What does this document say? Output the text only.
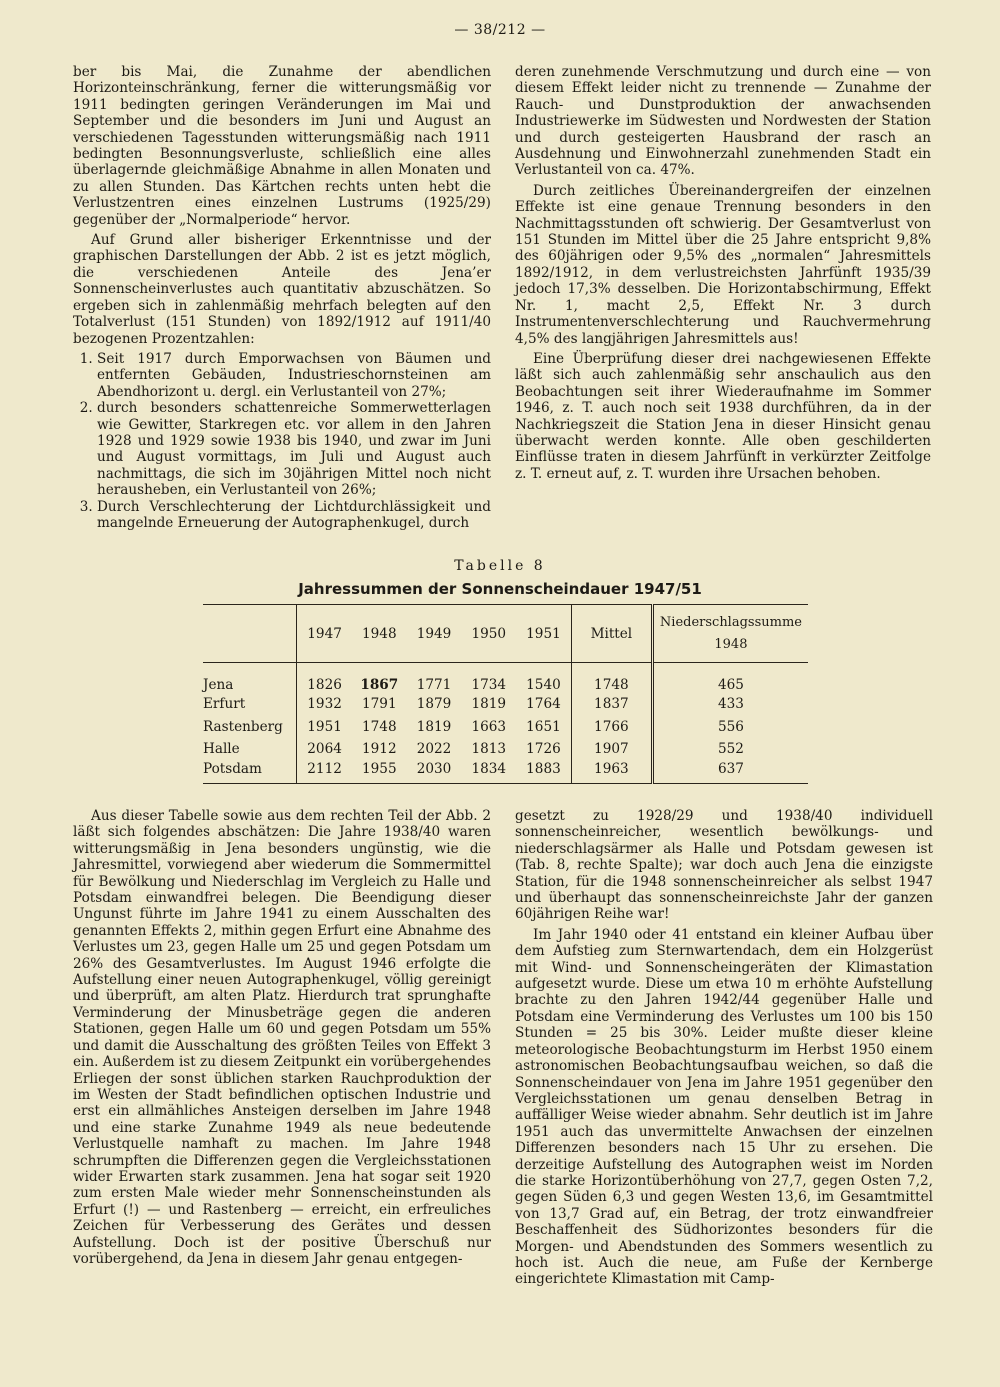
— 38/212 —

ber bis Mai, die Zunahme der abendlichen Horizonteinschränkung, ferner die witterungsmäßig vor 1911 bedingten geringen Veränderungen im Mai und September und die besonders im Juni und August an verschiedenen Tagesstunden witterungsmäßig nach 1911 bedingten Besonnungsverluste, schließlich eine alles überlagernde gleichmäßige Abnahme in allen Monaten und zu allen Stunden. Das Kärtchen rechts unten hebt die Verlustzentren eines einzelnen Lustrums (1925/29) gegenüber der „Normalperiode“ hervor.

Auf Grund aller bisheriger Erkenntnisse und der graphischen Darstellungen der Abb. 2 ist es jetzt möglich, die verschiedenen Anteile des Jena’er Sonnenscheinverlustes auch quantitativ abzuschätzen. So ergeben sich in zahlenmäßig mehrfach belegten auf den Totalverlust (151 Stunden) von 1892/1912 auf 1911/40 bezogenen Prozentzahlen:

1. Seit 1917 durch Emporwachsen von Bäumen und entfernten Gebäuden, Industrieschornsteinen am Abendhorizont u. dergl. ein Verlustanteil von 27%;
2. durch besonders schattenreiche Sommerwetterlagen wie Gewitter, Starkregen etc. vor allem in den Jahren 1928 und 1929 sowie 1938 bis 1940, und zwar im Juni und August vormittags, im Juli und August auch nachmittags, die sich im 30jährigen Mittel noch nicht herausheben, ein Verlustanteil von 26%;
3. Durch Verschlechterung der Lichtdurchlässigkeit und mangelnde Erneuerung der Autographenkugel, durch

deren zunehmende Verschmutzung und durch eine — von diesem Effekt leider nicht zu trennende — Zunahme der Rauch- und Dunstproduktion der anwachsenden Industriewerke im Südwesten und Nordwesten der Station und durch gesteigerten Hausbrand der rasch an Ausdehnung und Einwohnerzahl zunehmenden Stadt ein Verlustanteil von ca. 47%.

Durch zeitliches Übereinandergreifen der einzelnen Effekte ist eine genaue Trennung besonders in den Nachmittagsstunden oft schwierig. Der Gesamtverlust von 151 Stunden im Mittel über die 25 Jahre entspricht 9,8% des 60jährigen oder 9,5% des „normalen“ Jahresmittels 1892/1912, in dem verlustreichsten Jahrfünft 1935/39 jedoch 17,3% desselben. Die Horizontabschirmung, Effekt Nr. 1, macht 2,5, Effekt Nr. 3 durch Instrumentenverschlechterung und Rauchvermehrung 4,5% des langjährigen Jahresmittels aus!

Eine Überprüfung dieser drei nachgewiesenen Effekte läßt sich auch zahlenmäßig sehr anschaulich aus den Beobachtungen seit ihrer Wiederaufnahme im Sommer 1946, z. T. auch noch seit 1938 durchführen, da in der Nachkriegszeit die Station Jena in dieser Hinsicht genau überwacht werden konnte. Alle oben geschilderten Einflüsse traten in diesem Jahrfünft in verkürzter Zeitfolge z. T. erneut auf, z. T. wurden ihre Ursachen behoben.

Tabelle 8
Jahressummen der Sonnenscheindauer 1947/51
	1947	1948	1949	1950	1951	Mittel	Niederschlagssumme
1948
Jena	1826	1867	1771	1734	1540	1748	465
Erfurt	1932	1791	1879	1819	1764	1837	433
Rastenberg	1951	1748	1819	1663	1651	1766	556
Halle	2064	1912	2022	1813	1726	1907	552
Potsdam	2112	1955	2030	1834	1883	1963	637

Aus dieser Tabelle sowie aus dem rechten Teil der Abb. 2 läßt sich folgendes abschätzen: Die Jahre 1938/40 waren witterungsmäßig in Jena besonders ungünstig, wie die Jahresmittel, vorwiegend aber wiederum die Sommermittel für Bewölkung und Niederschlag im Vergleich zu Halle und Potsdam einwandfrei belegen. Die Beendigung dieser Ungunst führte im Jahre 1941 zu einem Ausschalten des genannten Effekts 2, mithin gegen Erfurt eine Abnahme des Verlustes um 23, gegen Halle um 25 und gegen Potsdam um 26% des Gesamtverlustes. Im August 1946 erfolgte die Aufstellung einer neuen Autographenkugel, völlig gereinigt und überprüft, am alten Platz. Hierdurch trat sprunghafte Verminderung der Minusbeträge gegen die anderen Stationen, gegen Halle um 60 und gegen Potsdam um 55% und damit die Ausschaltung des größten Teiles von Effekt 3 ein. Außerdem ist zu diesem Zeitpunkt ein vorübergehendes Erliegen der sonst üblichen starken Rauchproduktion der im Westen der Stadt befindlichen optischen Industrie und erst ein allmähliches Ansteigen derselben im Jahre 1948 und eine starke Zunahme 1949 als neue bedeutende Verlustquelle namhaft zu machen. Im Jahre 1948 schrumpften die Differenzen gegen die Vergleichsstationen wider Erwarten stark zusammen. Jena hat sogar seit 1920 zum ersten Male wieder mehr Sonnenscheinstunden als Erfurt (!) — und Rastenberg — erreicht, ein erfreuliches Zeichen für Verbesserung des Gerätes und dessen Aufstellung. Doch ist der positive Überschuß nur vorübergehend, da Jena in diesem Jahr genau entgegen-

gesetzt zu 1928/29 und 1938/40 individuell sonnenscheinreicher, wesentlich bewölkungs- und niederschlagsärmer als Halle und Potsdam gewesen ist (Tab. 8, rechte Spalte); war doch auch Jena die einzigste Station, für die 1948 sonnenscheinreicher als selbst 1947 und überhaupt das sonnenscheinreichste Jahr der ganzen 60jährigen Reihe war!

Im Jahr 1940 oder 41 entstand ein kleiner Aufbau über dem Aufstieg zum Sternwartendach, dem ein Holzgerüst mit Wind- und Sonnenscheingeräten der Klimastation aufgesetzt wurde. Diese um etwa 10 m erhöhte Aufstellung brachte zu den Jahren 1942/44 gegenüber Halle und Potsdam eine Verminderung des Verlustes um 100 bis 150 Stunden = 25 bis 30%. Leider mußte dieser kleine meteorologische Beobachtungsturm im Herbst 1950 einem astronomischen Beobachtungsaufbau weichen, so daß die Sonnenscheindauer von Jena im Jahre 1951 gegenüber den Vergleichsstationen um genau denselben Betrag in auffälliger Weise wieder abnahm. Sehr deutlich ist im Jahre 1951 auch das unvermittelte Anwachsen der einzelnen Differenzen besonders nach 15 Uhr zu ersehen. Die derzeitige Aufstellung des Autographen weist im Norden die starke Horizontüberhöhung von 27,7, gegen Osten 7,2, gegen Süden 6,3 und gegen Westen 13,6, im Gesamtmittel von 13,7 Grad auf, ein Betrag, der trotz einwandfreier Beschaffenheit des Südhorizontes besonders für die Morgen- und Abendstunden des Sommers wesentlich zu hoch ist. Auch die neue, am Fuße der Kernberge eingerichtete Klimastation mit Camp-
